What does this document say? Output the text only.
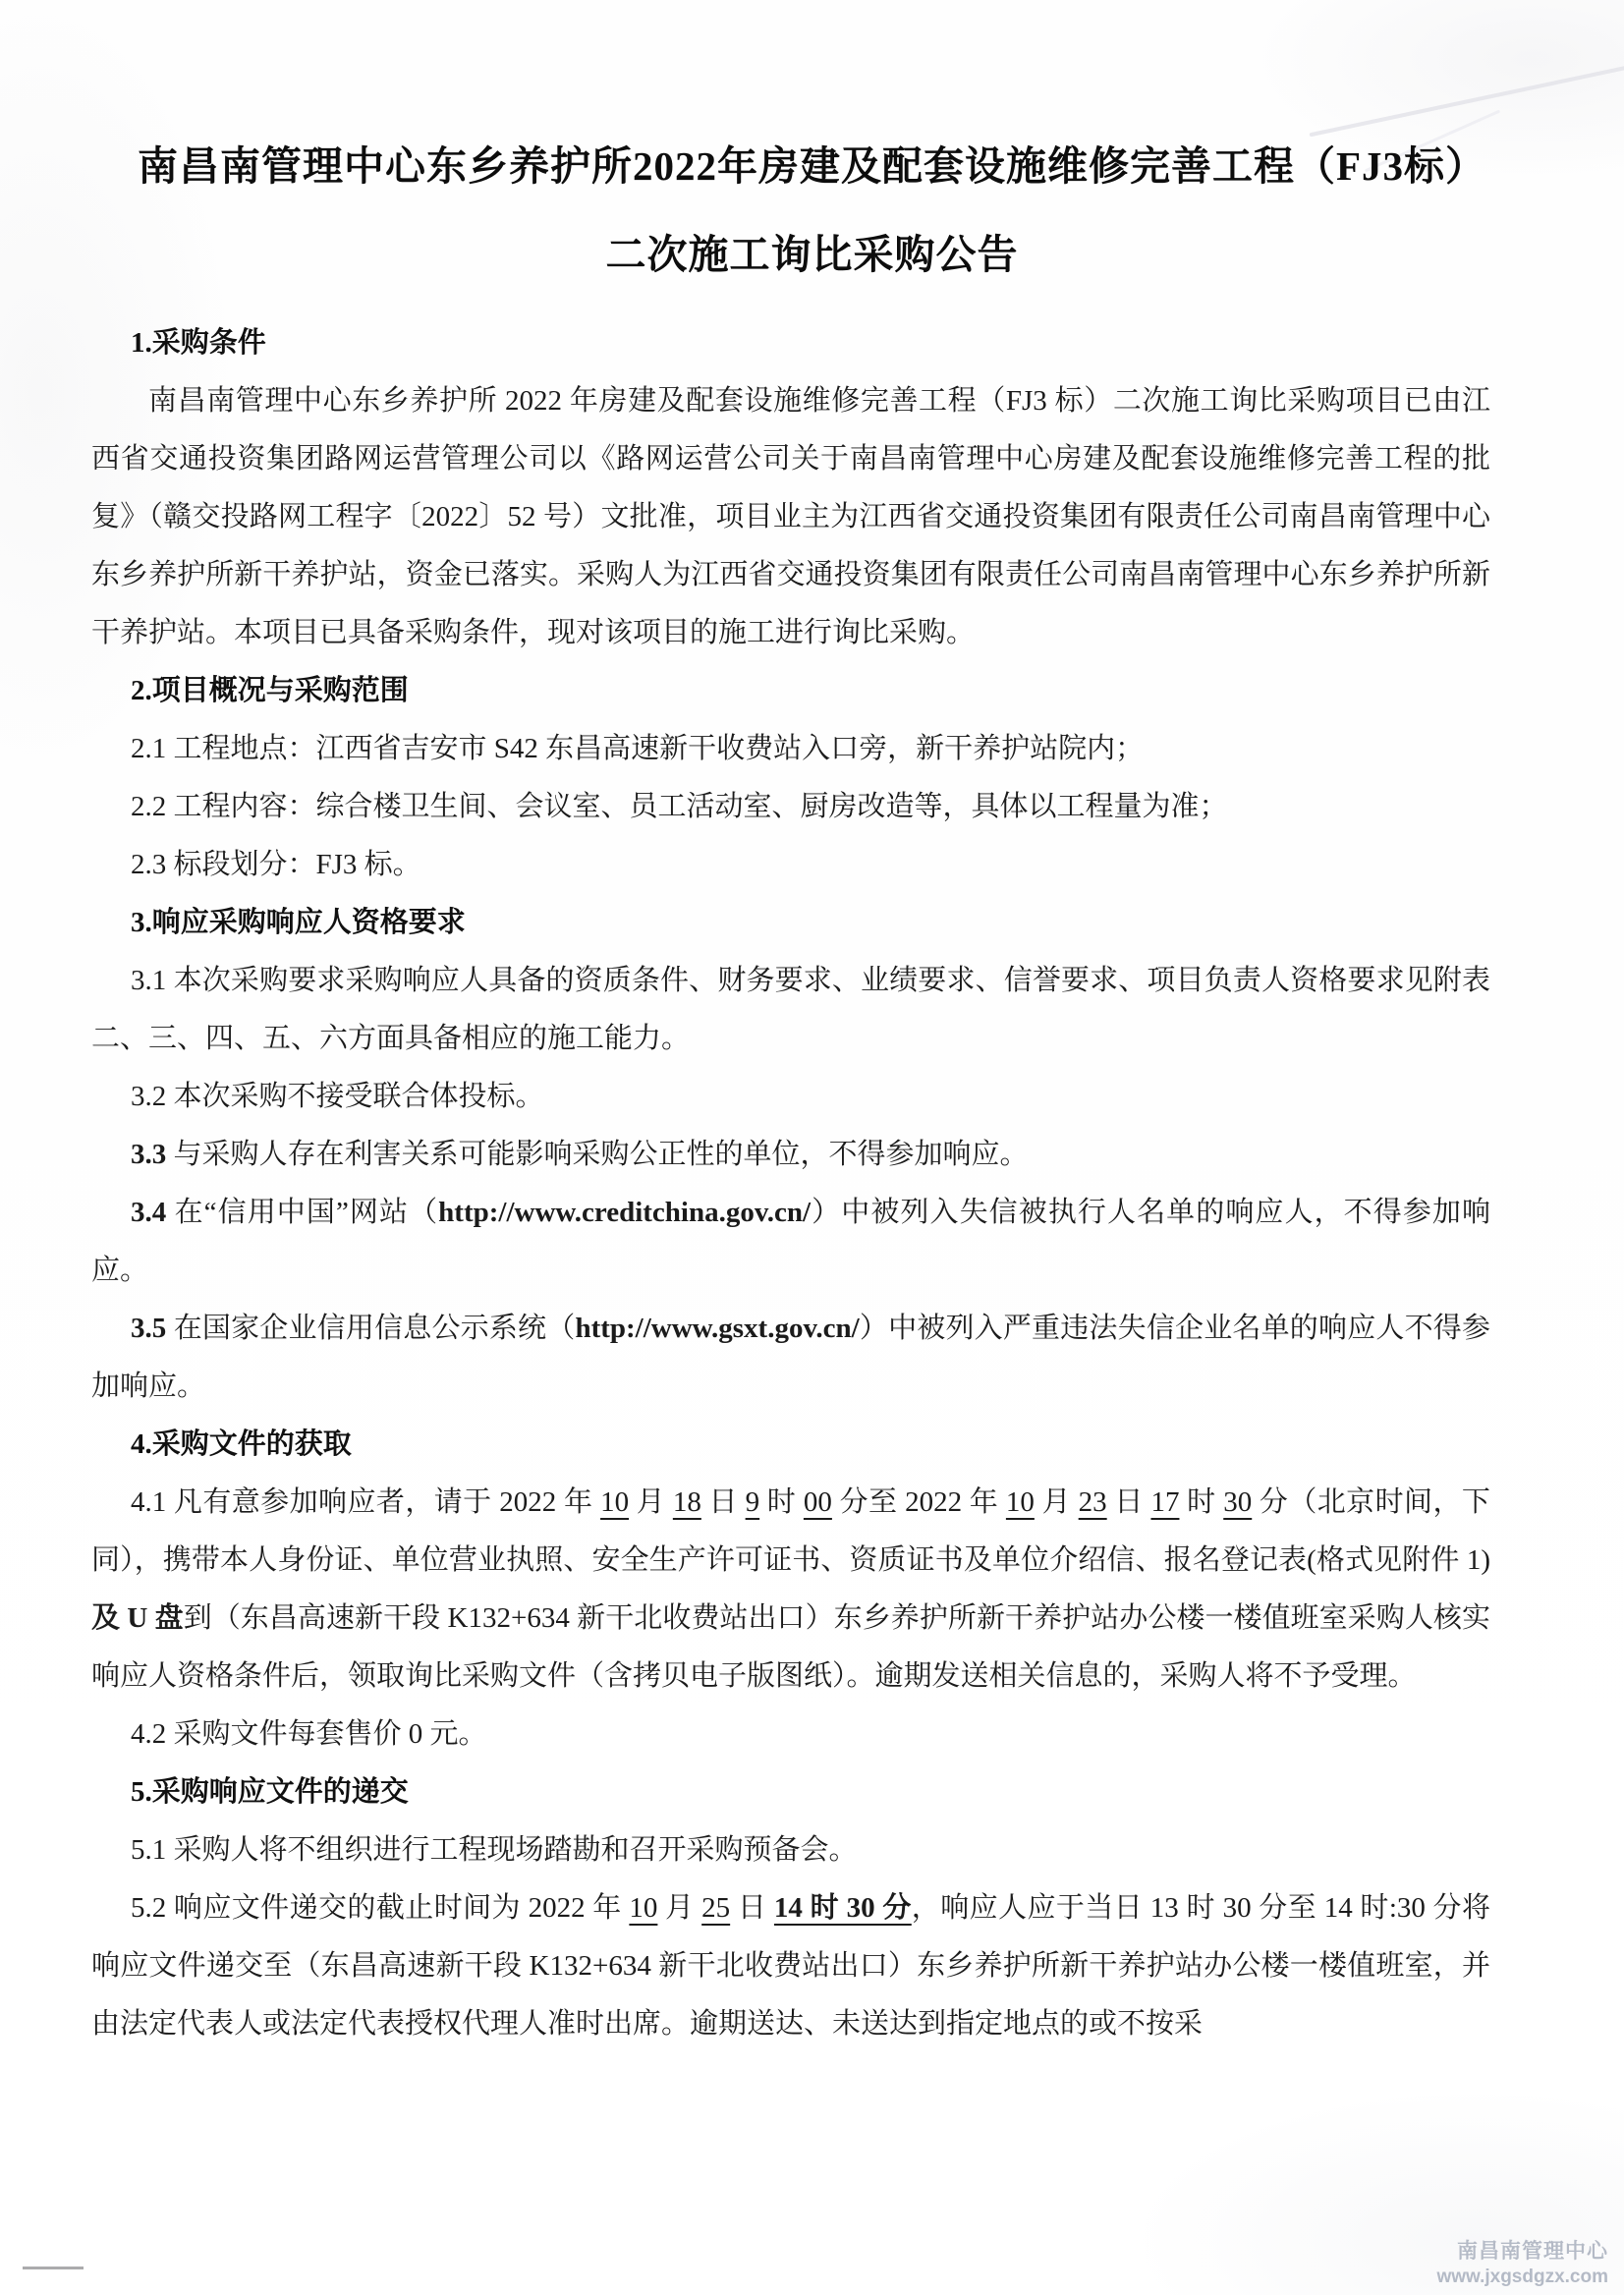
南昌南管理中心东乡养护所2022年房建及配套设施维修完善工程（FJ3标）
二次施工询比采购公告

1.采购条件

南昌南管理中心东乡养护所 2022 年房建及配套设施维修完善工程（FJ3 标）二次施工询比采购项目已由江西省交通投资集团路网运营管理公司以《路网运营公司关于南昌南管理中心房建及配套设施维修完善工程的批复》（赣交投路网工程字〔2022〕52 号）文批准，项目业主为江西省交通投资集团有限责任公司南昌南管理中心东乡养护所新干养护站，资金已落实。采购人为江西省交通投资集团有限责任公司南昌南管理中心东乡养护所新干养护站。本项目已具备采购条件，现对该项目的施工进行询比采购。

2.项目概况与采购范围

2.1 工程地点：江西省吉安市 S42 东昌高速新干收费站入口旁，新干养护站院内；

2.2 工程内容：综合楼卫生间、会议室、员工活动室、厨房改造等，具体以工程量为准；

2.3 标段划分：FJ3 标。

3.响应采购响应人资格要求

3.1 本次采购要求采购响应人具备的资质条件、财务要求、业绩要求、信誉要求、项目负责人资格要求见附表二、三、四、五、六方面具备相应的施工能力。

3.2 本次采购不接受联合体投标。

3.3 与采购人存在利害关系可能影响采购公正性的单位，不得参加响应。

3.4 在“信用中国”网站（http://www.creditchina.gov.cn/）中被列入失信被执行人名单的响应人，不得参加响应。

3.5 在国家企业信用信息公示系统（http://www.gsxt.gov.cn/）中被列入严重违法失信企业名单的响应人不得参加响应。

4.采购文件的获取

4.1 凡有意参加响应者，请于 2022 年 10 月 18 日 9 时 00 分至 2022 年 10 月 23 日 17 时 30 分（北京时间，下同），携带本人身份证、单位营业执照、安全生产许可证书、资质证书及单位介绍信、报名登记表(格式见附件 1)及 U 盘到（东昌高速新干段 K132+634 新干北收费站出口）东乡养护所新干养护站办公楼一楼值班室采购人核实响应人资格条件后，领取询比采购文件（含拷贝电子版图纸）。逾期发送相关信息的，采购人将不予受理。

4.2 采购文件每套售价 0 元。

5.采购响应文件的递交

5.1 采购人将不组织进行工程现场踏勘和召开采购预备会。

5.2 响应文件递交的截止时间为 2022 年 10 月 25 日 14 时 30 分，响应人应于当日 13 时 30 分至 14 时:30 分将响应文件递交至（东昌高速新干段 K132+634 新干北收费站出口）东乡养护所新干养护站办公楼一楼值班室，并由法定代表人或法定代表授权代理人准时出席。逾期送达、未送达到指定地点的或不按采

南昌南管理中心
www.jxgsdgzx.com
